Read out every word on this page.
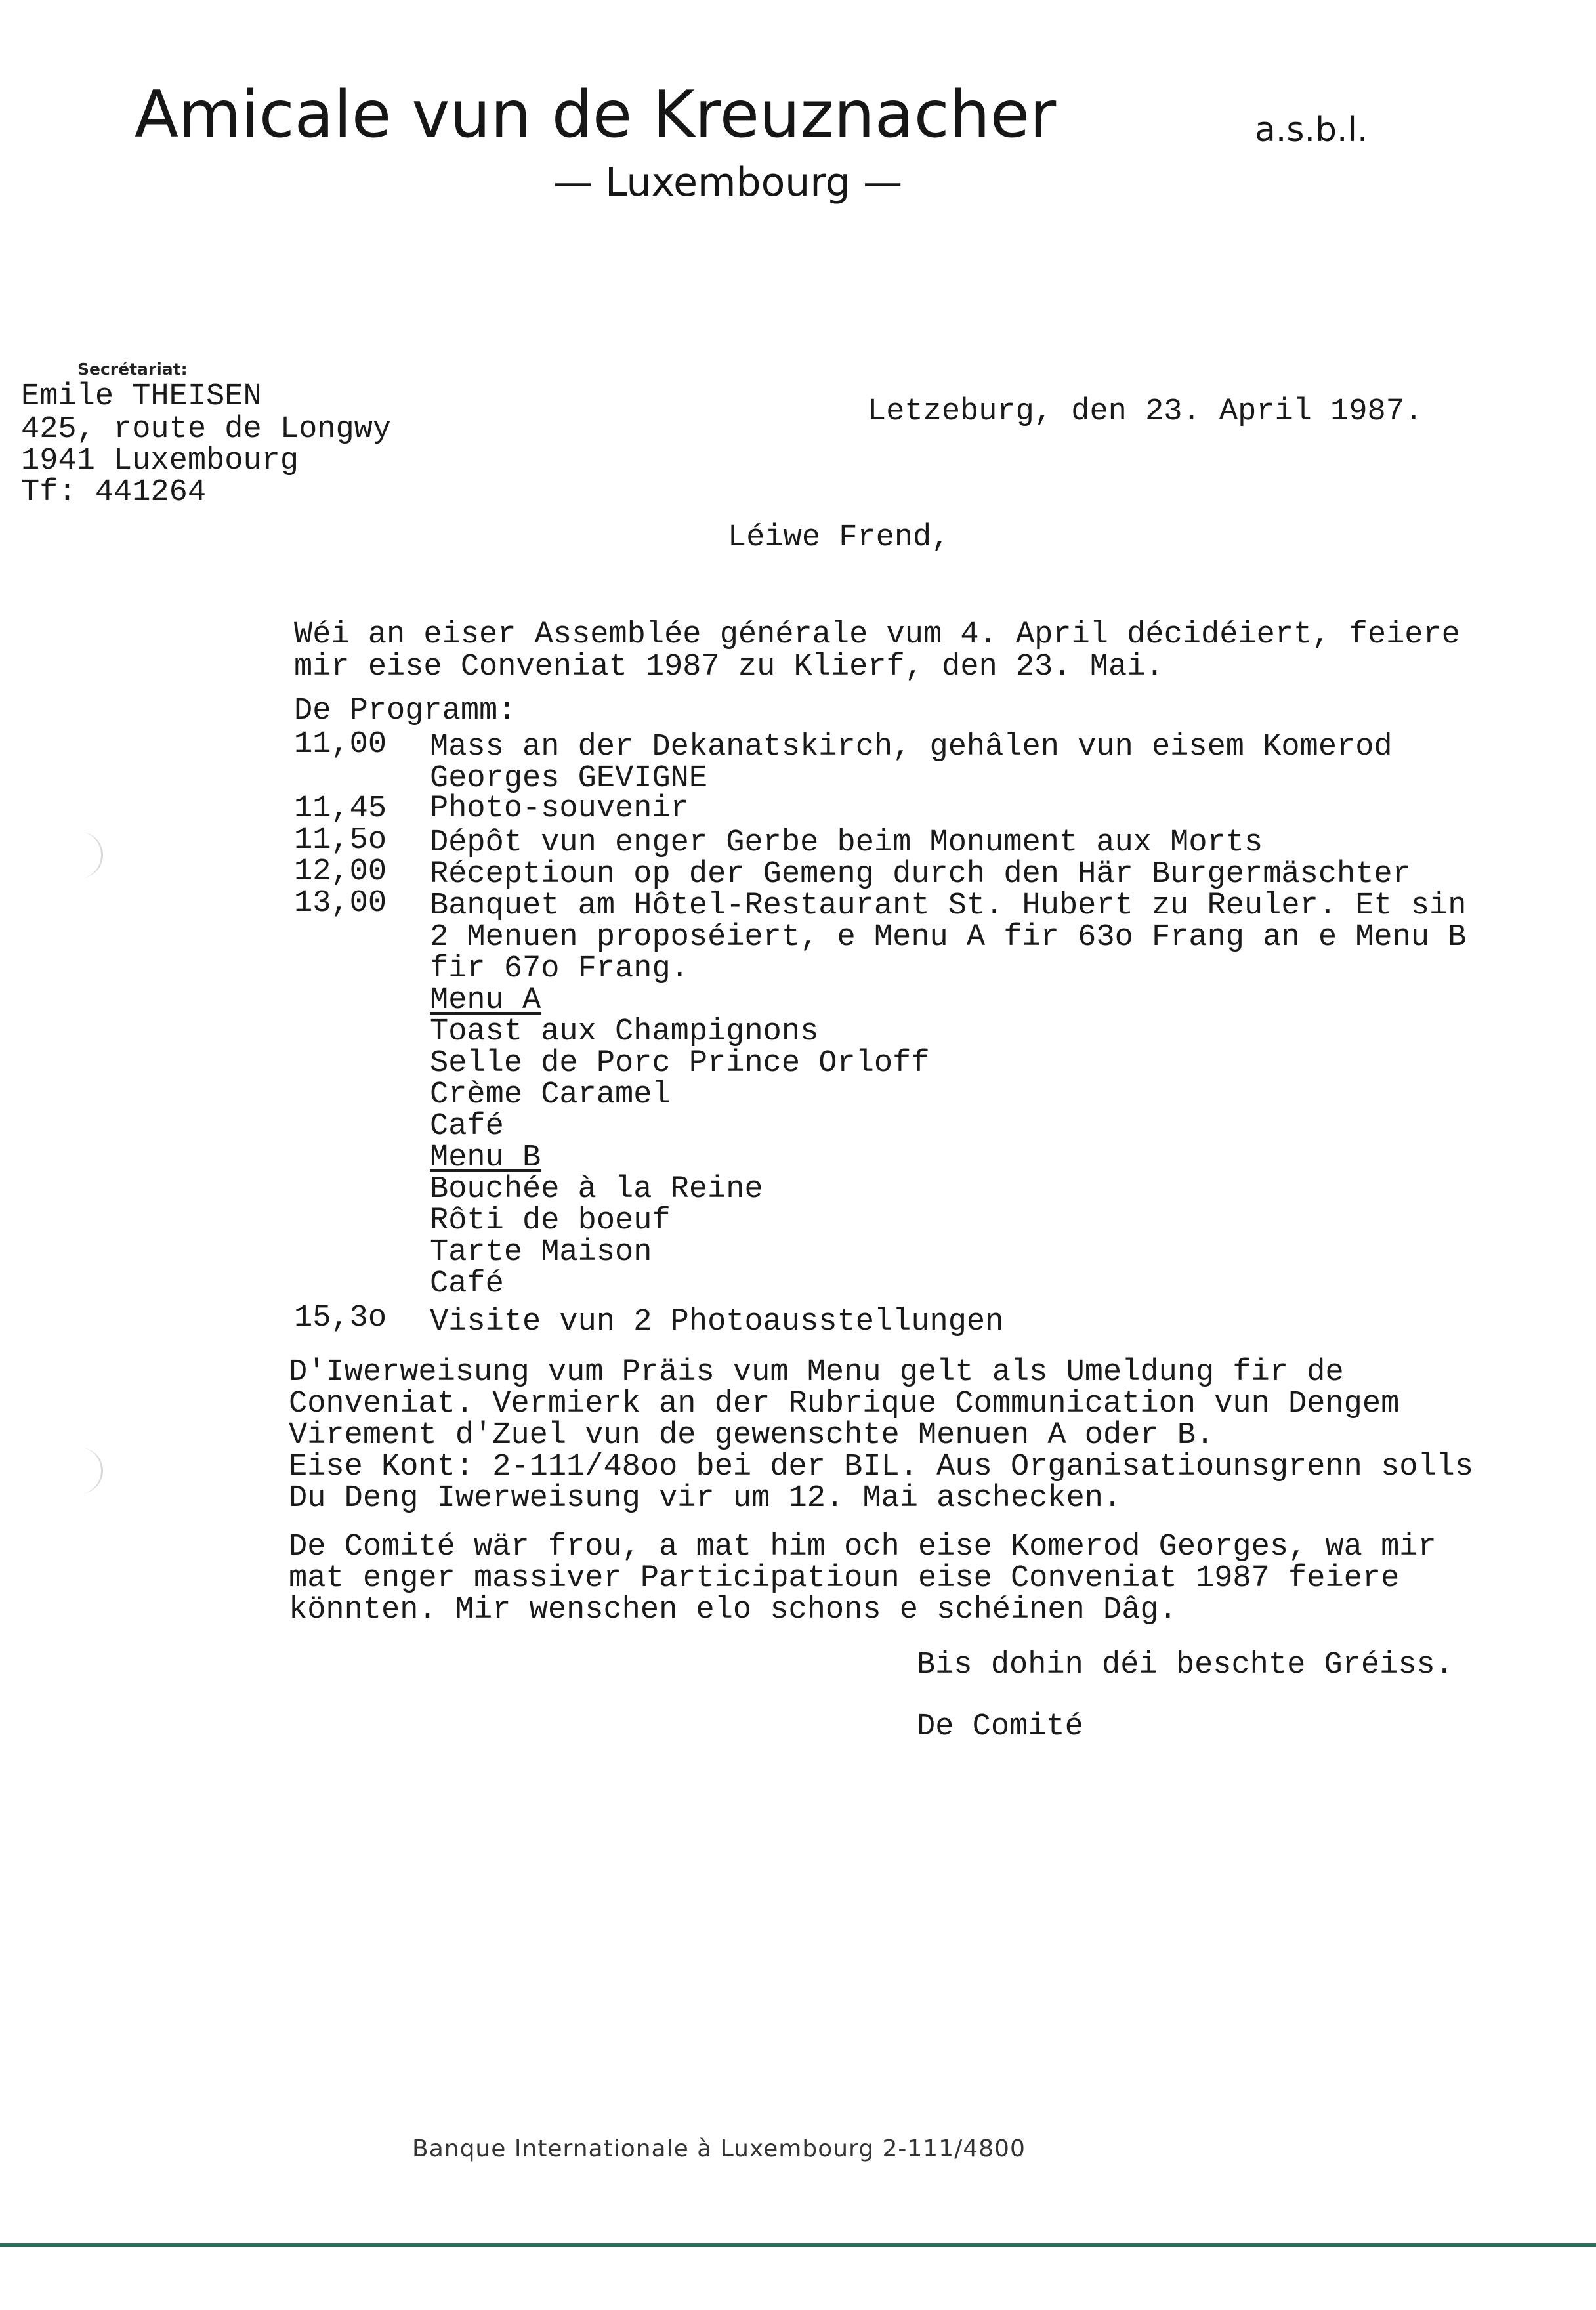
Amicale vun de Kreuznacher	a.s.b.l.
— Luxembourg —
Secrétariat:
Emile THEISEN
425, route de Longwy
1941 Luxembourg
Tf: 441264
Letzeburg, den 23. April 1987.
Léiwe Frend,
Wéi an eiser Assemblée générale vum 4. April décidéiert, feiere
mir eise Conveniat 1987 zu Klierf, den 23. Mai.
De Programm:
11,00 Mass an der Dekanatskirch, gehâlen vun eisem Komerod
Georges GEVIGNE
11,45 Photo-souvenir
11,5o Dépôt vun enger Gerbe beim Monument aux Morts
12,00 Réceptioun op der Gemeng durch den Här Burgermäschter
13,00 Banquet am Hôtel-Restaurant St. Hubert zu Reuler. Et sin
2 Menuen proposéiert, e Menu A fir 63o Frang an e Menu B
fir 67o Frang.
Menu A
Toast aux Champignons
Selle de Porc Prince Orloff
Crème Caramel
Café
Menu B
Bouchée à la Reine
Rôti de boeuf
Tarte Maison
Café
15,3o Visite vun 2 Photoausstellungen
D'Iwerweisung vum Präis vum Menu gelt als Umeldung fir de
Conveniat. Vermierk an der Rubrique Communication vun Dengem
Virement d'Zuel vun de gewenschte Menuen A oder B.
Eise Kont: 2-111/48oo bei der BIL. Aus Organisatiounsgrenn solls
Du Deng Iwerweisung vir um 12. Mai aschecken.
De Comité wär frou, a mat him och eise Komerod Georges, wa mir
mat enger massiver Participatioun eise Conveniat 1987 feiere
könnten. Mir wenschen elo schons e schéinen Dâg.
Bis dohin déi beschte Gréiss.
De Comité
Banque Internationale à Luxembourg 2-111/4800
